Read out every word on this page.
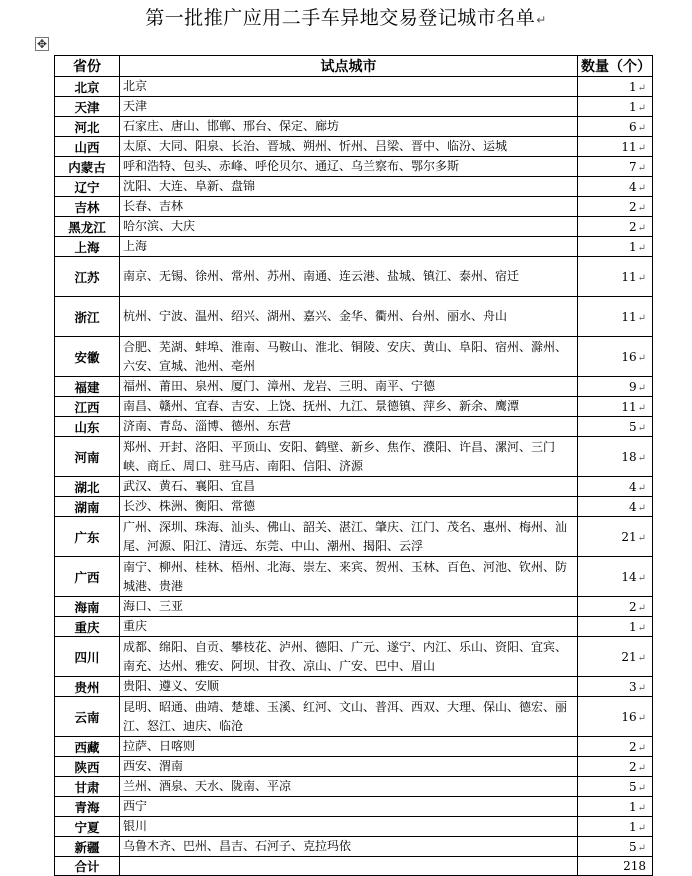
第一批推广应用二手车异地交易登记城市名单↵
✥
省份	试点城市	数量（个）
北京	北京	1↵
天津	天津	1↵
河北	石家庄、唐山、邯郸、邢台、保定、廊坊	6↵
山西	太原、大同、阳泉、长治、晋城、朔州、忻州、吕梁、晋中、临汾、运城	11↵
内蒙古	呼和浩特、包头、赤峰、呼伦贝尔、通辽、乌兰察布、鄂尔多斯	7↵
辽宁	沈阳、大连、阜新、盘锦	4↵
吉林	长春、吉林	2↵
黑龙江	哈尔滨、大庆	2↵
上海	上海	1↵
江苏	南京、无锡、徐州、常州、苏州、南通、连云港、盐城、镇江、泰州、宿迁	11↵
浙江	杭州、宁波、温州、绍兴、湖州、嘉兴、金华、衢州、台州、丽水、舟山	11↵
安徽	合肥、芜湖、蚌埠、淮南、马鞍山、淮北、铜陵、安庆、黄山、阜阳、宿州、滁州、六安、宣城、池州、亳州	16↵
福建	福州、莆田、泉州、厦门、漳州、龙岩、三明、南平、宁德	9↵
江西	南昌、赣州、宜春、吉安、上饶、抚州、九江、景德镇、萍乡、新余、鹰潭	11↵
山东	济南、青岛、淄博、德州、东营	5↵
河南	郑州、开封、洛阳、平顶山、安阳、鹤壁、新乡、焦作、濮阳、许昌、漯河、三门峡、商丘、周口、驻马店、南阳、信阳、济源	18↵
湖北	武汉、黄石、襄阳、宜昌	4↵
湖南	长沙、株洲、衡阳、常德	4↵
广东	广州、深圳、珠海、汕头、佛山、韶关、湛江、肇庆、江门、茂名、惠州、梅州、汕尾、河源、阳江、清远、东莞、中山、潮州、揭阳、云浮	21↵
广西	南宁、柳州、桂林、梧州、北海、崇左、来宾、贺州、玉林、百色、河池、钦州、防城港、贵港	14↵
海南	海口、三亚	2↵
重庆	重庆	1↵
四川	成都、绵阳、自贡、攀枝花、泸州、德阳、广元、遂宁、内江、乐山、资阳、宜宾、南充、达州、雅安、阿坝、甘孜、凉山、广安、巴中、眉山	21↵
贵州	贵阳、遵义、安顺	3↵
云南	昆明、昭通、曲靖、楚雄、玉溪、红河、文山、普洱、西双、大理、保山、德宏、丽江、怒江、迪庆、临沧	16↵
西藏	拉萨、日喀则	2↵
陕西	西安、渭南	2↵
甘肃	兰州、酒泉、天水、陇南、平凉	5↵
青海	西宁	1↵
宁夏	银川	1↵
新疆	乌鲁木齐、巴州、昌吉、石河子、克拉玛依	5↵
合计		218
